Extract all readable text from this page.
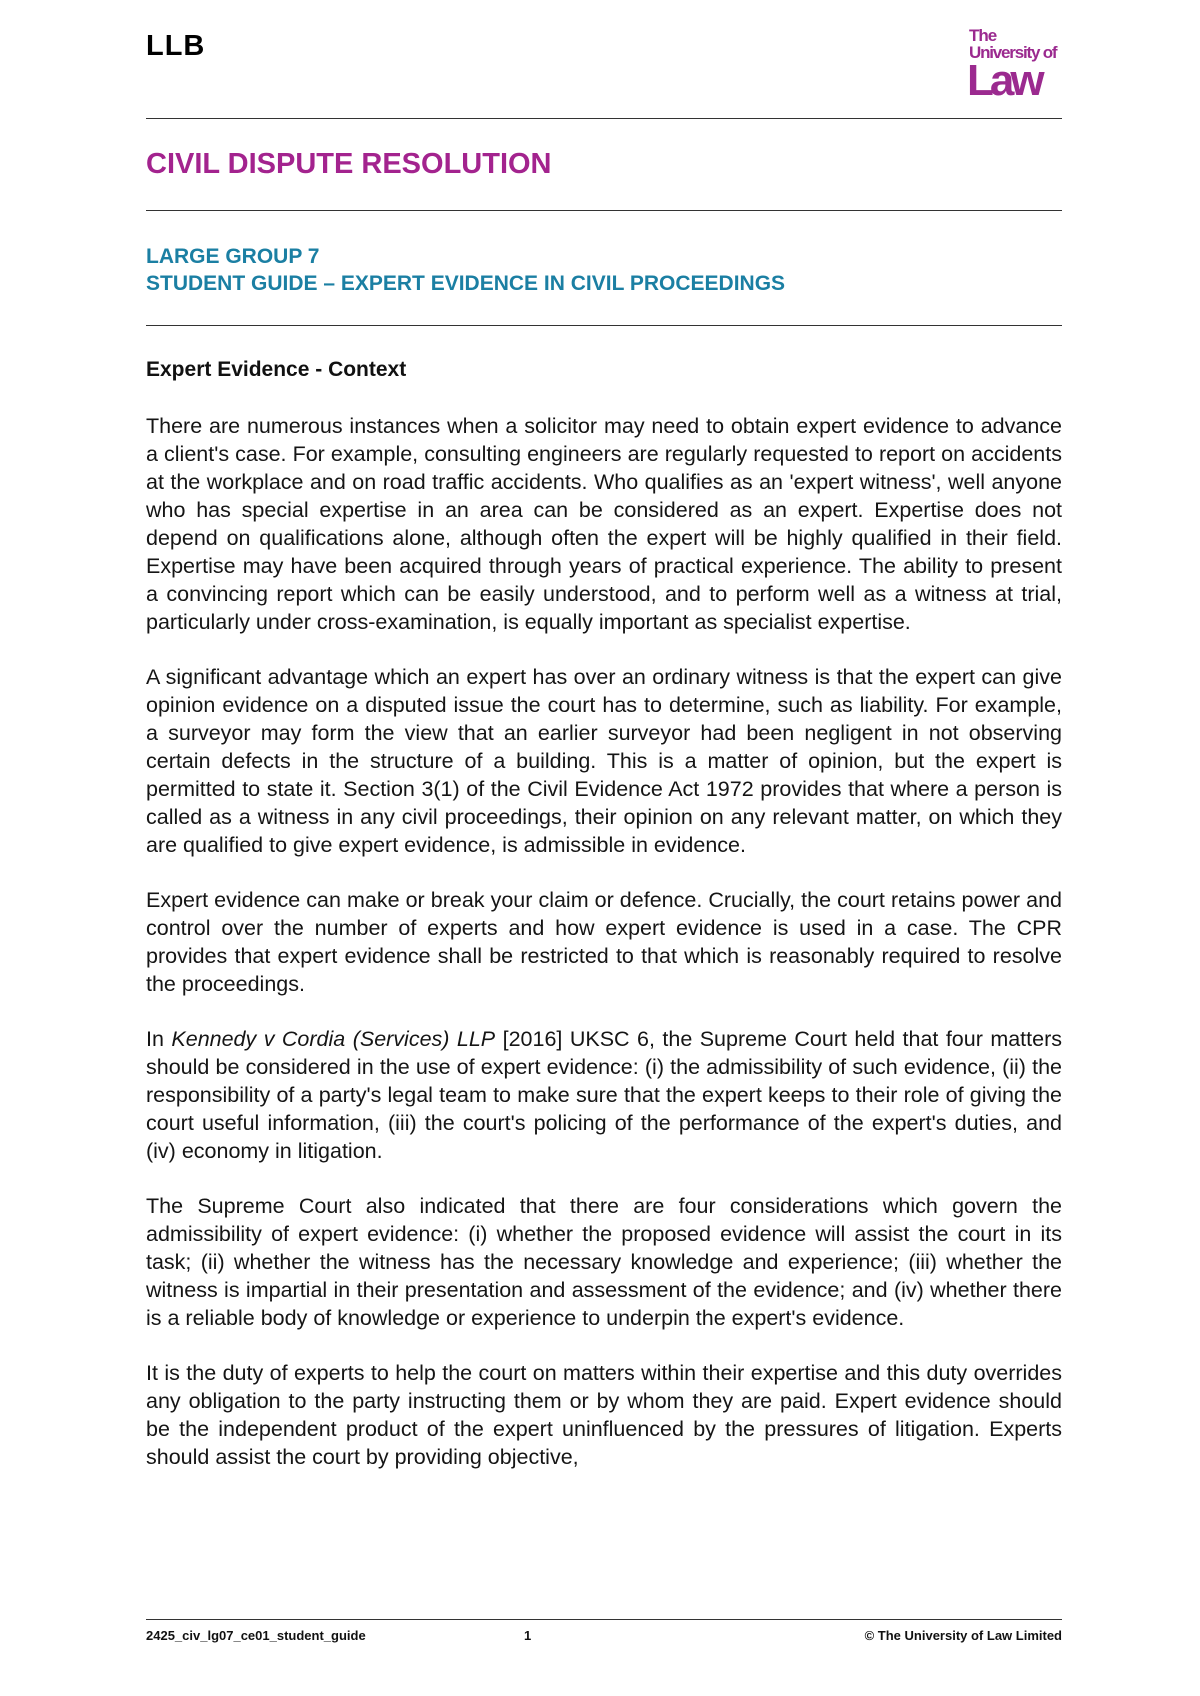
LLB	The
University of
Law
CIVIL DISPUTE RESOLUTION
LARGE GROUP 7
STUDENT GUIDE – EXPERT EVIDENCE IN CIVIL PROCEEDINGS
Expert Evidence - Context

There are numerous instances when a solicitor may need to obtain expert evidence to advance a client's case. For example, consulting engineers are regularly requested to report on accidents at the workplace and on road traffic accidents. Who qualifies as an 'expert witness', well anyone who has special expertise in an area can be considered as an expert. Expertise does not depend on qualifications alone, although often the expert will be highly qualified in their field. Expertise may have been acquired through years of practical experience. The ability to present a convincing report which can be easily understood, and to perform well as a witness at trial, particularly under cross-examination, is equally important as specialist expertise.

A significant advantage which an expert has over an ordinary witness is that the expert can give opinion evidence on a disputed issue the court has to determine, such as liability. For example, a surveyor may form the view that an earlier surveyor had been negligent in not observing certain defects in the structure of a building. This is a matter of opinion, but the expert is permitted to state it. Section 3(1) of the Civil Evidence Act 1972 provides that where a person is called as a witness in any civil proceedings, their opinion on any relevant matter, on which they are qualified to give expert evidence, is admissible in evidence.

Expert evidence can make or break your claim or defence. Crucially, the court retains power and control over the number of experts and how expert evidence is used in a case. The CPR provides that expert evidence shall be restricted to that which is reasonably required to resolve the proceedings.

In Kennedy v Cordia (Services) LLP [2016] UKSC 6, the Supreme Court held that four matters should be considered in the use of expert evidence: (i) the admissibility of such evidence, (ii) the responsibility of a party's legal team to make sure that the expert keeps to their role of giving the court useful information, (iii) the court's policing of the performance of the expert's duties, and (iv) economy in litigation.

The Supreme Court also indicated that there are four considerations which govern the admissibility of expert evidence: (i) whether the proposed evidence will assist the court in its task; (ii) whether the witness has the necessary knowledge and experience; (iii) whether the witness is impartial in their presentation and assessment of the evidence; and (iv) whether there is a reliable body of knowledge or experience to underpin the expert's evidence.

It is the duty of experts to help the court on matters within their expertise and this duty overrides any obligation to the party instructing them or by whom they are paid. Expert evidence should be the independent product of the expert uninfluenced by the pressures of litigation. Experts should assist the court by providing objective,

2425_civ_lg07_ce01_student_guide	1	© The University of Law Limited
